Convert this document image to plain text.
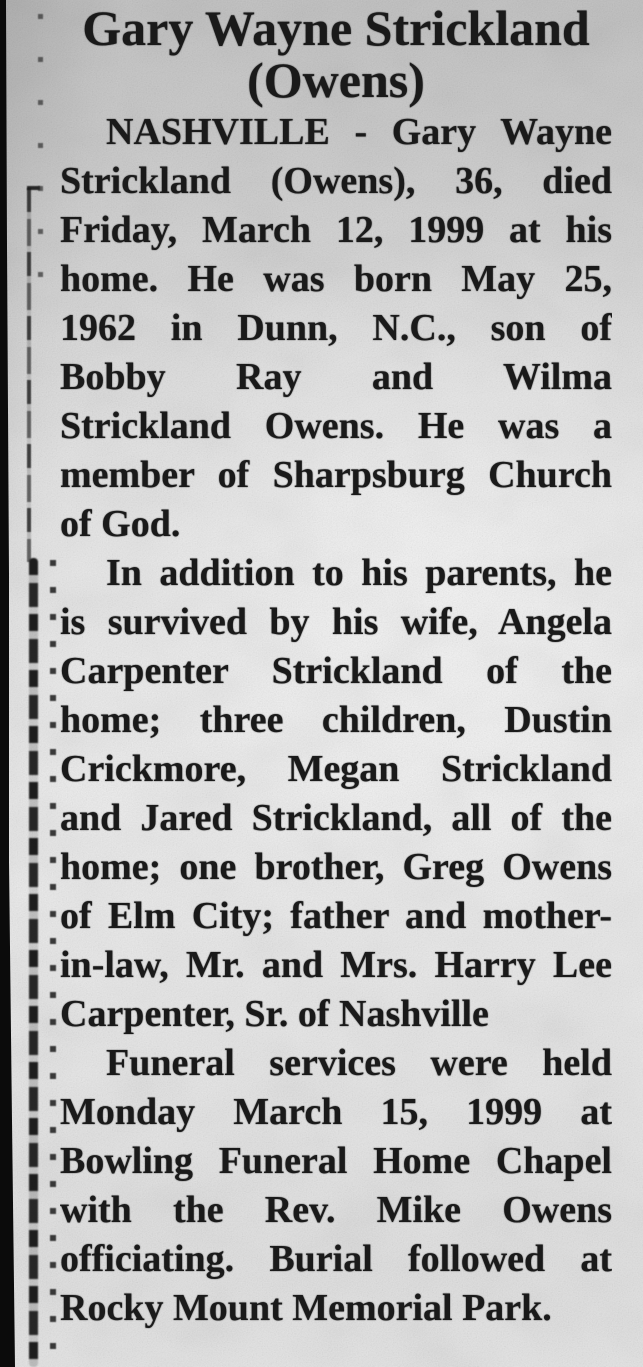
Gary Wayne Strickland
(Owens)
NASHVILLE - Gary Wayne
Strickland (Owens), 36, died
Friday, March 12, 1999 at his
home. He was born May 25,
1962 in Dunn, N.C., son of
Bobby Ray and Wilma
Strickland Owens. He was a
member of Sharpsburg Church
of God.
In addition to his parents, he
is survived by his wife, Angela
Carpenter Strickland of the
home; three children, Dustin
Crickmore, Megan Strickland
and Jared Strickland, all of the
home; one brother, Greg Owens
of Elm City; father and mother-
in-law, Mr. and Mrs. Harry Lee
Carpenter, Sr. of Nashville
Funeral services were held
Monday March 15, 1999 at
Bowling Funeral Home Chapel
with the Rev. Mike Owens
officiating. Burial followed at
Rocky Mount Memorial Park.
